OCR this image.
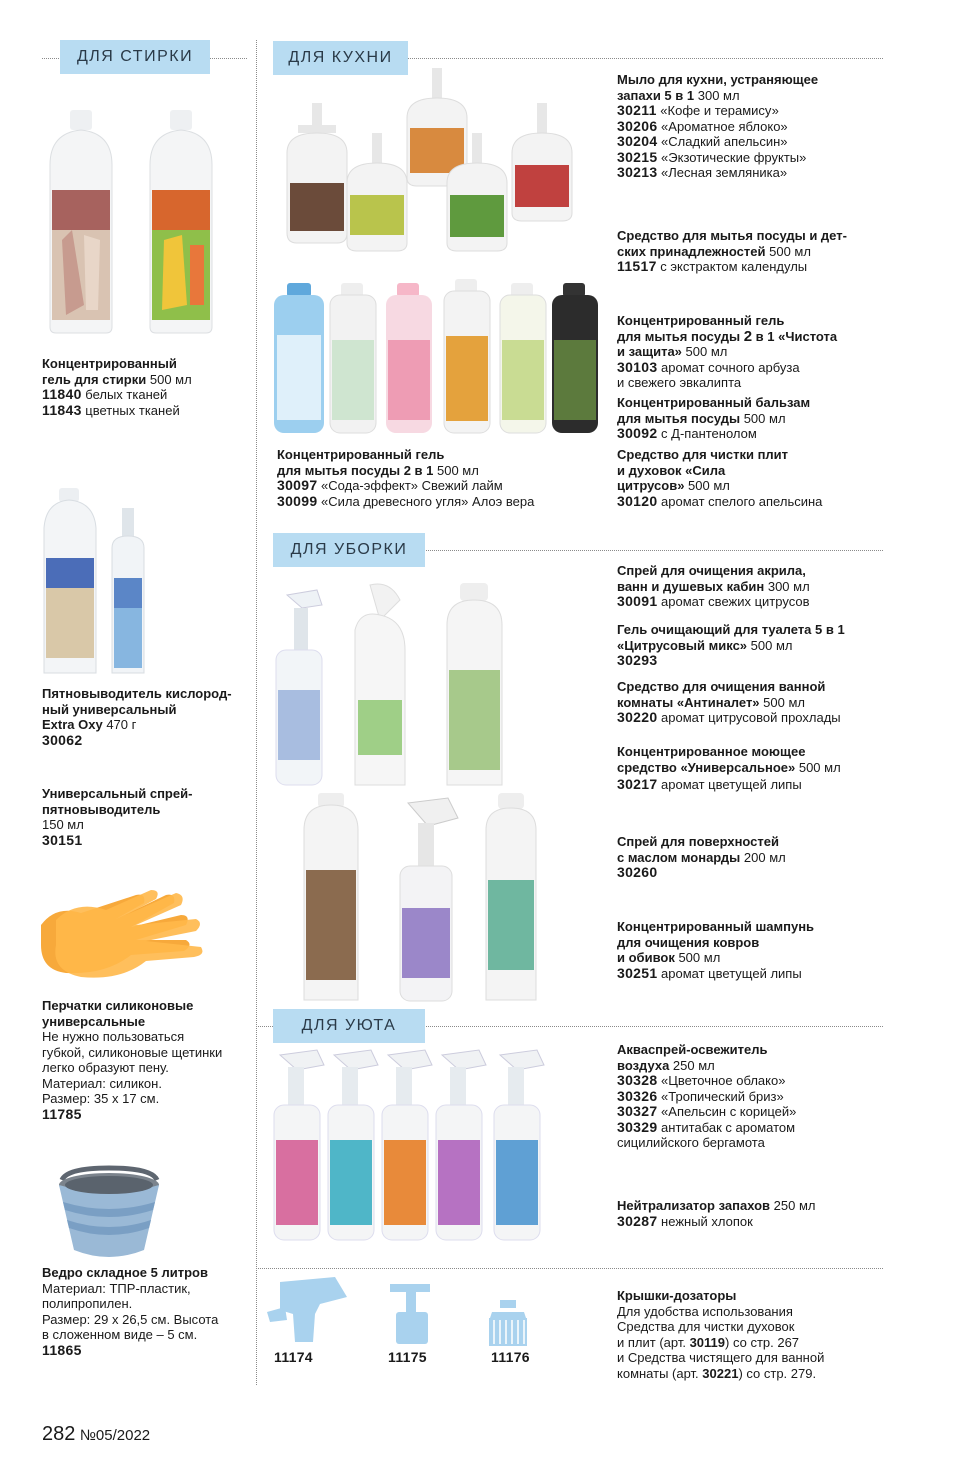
ДЛЯ СТИРКИ	ДЛЯ КУХНИ
ДЛЯ УБОРКИ
ДЛЯ УЮТА
11174	11175	11176
Концентрированный
гель для стирки 500 мл
11840 белых тканей
11843 цветных тканей
Пятновыводитель кислород-
ный универсальный
Extra Oxy 470 г
30062
Универсальный спрей-
пятновыводитель
150 мл
30151
Перчатки силиконовые
универсальные
Не нужно пользоваться
губкой, силиконовые щетинки
легко образуют пену.
Материал: силикон.
Размер: 35 х 17 см.
11785
Ведро складное 5 литров
Материал: ТПР-пластик,
полипропилен.
Размер: 29 х 26,5 см. Высота
в сложенном виде – 5 см.
11865
Мыло для кухни, устраняющее
запахи 5 в 1 300 мл
30211 «Кофе и терамису»
30206 «Ароматное яблоко»
30204 «Сладкий апельсин»
30215 «Экзотические фрукты»
30213 «Лесная земляника»
Средство для мытья посуды и дет-
ских принадлежностей 500 мл
11517 с экстрактом календулы
Концентрированный гель
для мытья посуды 2 в 1 «Чистота
и защита» 500 мл
30103 аромат сочного арбуза
и свежего эвкалипта
Концентрированный бальзам
для мытья посуды 500 мл
30092 с Д-пантенолом
Средство для чистки плит
и духовок «Сила
цитрусов» 500 мл
30120 аромат спелого апельсина
Концентрированный гель
для мытья посуды 2 в 1 500 мл
30097 «Сода-эффект» Свежий лайм
30099 «Сила древесного угля» Алоэ вера
Спрей для очищения акрила,
ванн и душевых кабин 300 мл
30091 аромат свежих цитрусов
Гель очищающий для туалета 5 в 1
«Цитрусовый микс» 500 мл
30293
Средство для очищения ванной
комнаты «Антиналет» 500 мл
30220 аромат цитрусовой прохлады
Концентрированное моющее
средство «Универсальное» 500 мл
30217 аромат цветущей липы
Спрей для поверхностей
с маслом монарды 200 мл
30260
Концентрированный шампунь
для очищения ковров
и обивок 500 мл
30251 аромат цветущей липы
Акваспрей-освежитель
воздуха 250 мл
30328 «Цветочное облако»
30326 «Тропический бриз»
30327 «Апельсин с корицей»
30329 антитабак с ароматом
сицилийского бергамота
Нейтрализатор запахов 250 мл
30287 нежный хлопок
Крышки-дозаторы
Для удобства использования
Средства для чистки духовок
и плит (арт. 30119) со стр. 267
и Средства чистящего для ванной
комнаты (арт. 30221) со стр. 279.
282 №05/2022
